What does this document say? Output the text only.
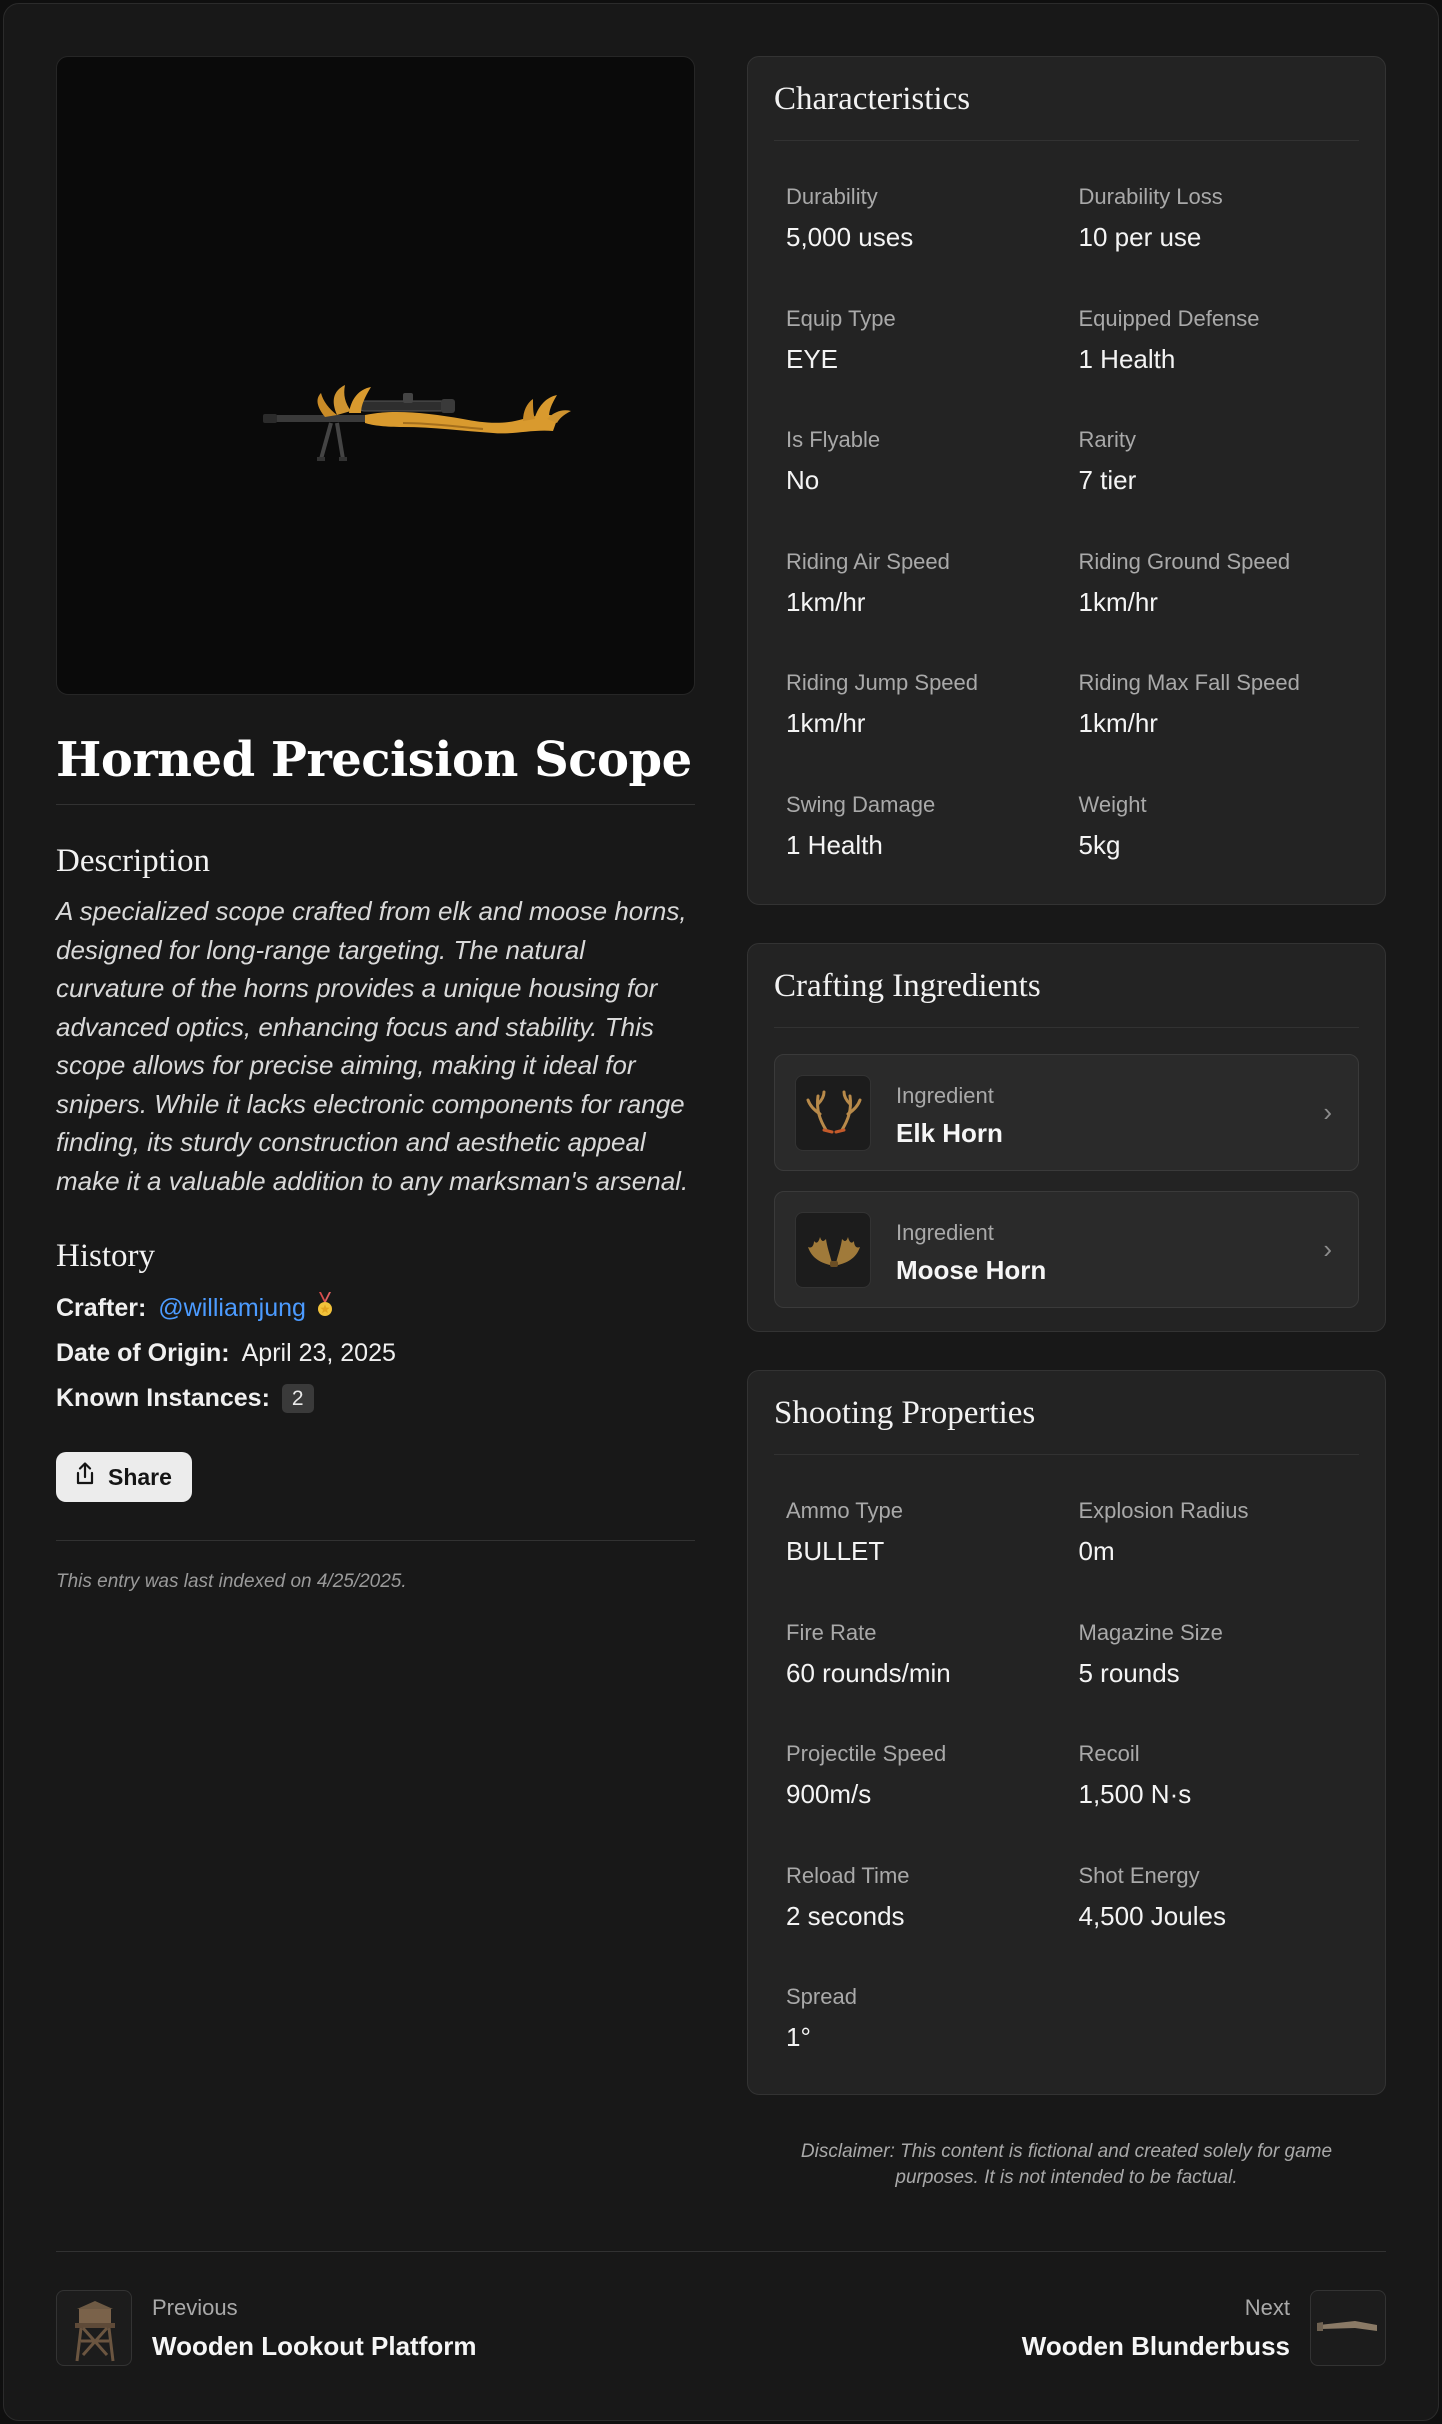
Horned Precision Scope
Description

A specialized scope crafted from elk and moose horns, designed for long-range targeting. The natural curvature of the horns provides a unique housing for advanced optics, enhancing focus and stability. This scope allows for precise aiming, making it ideal for snipers. While it lacks electronic components for range finding, its sturdy construction and aesthetic appeal make it a valuable addition to any marksman's arsenal.

History
Crafter: @williamjung
Date of Origin: April 23, 2025
Known Instances:	2
Share

This entry was last indexed on 4/25/2025.

Characteristics
Durability
5,000 uses
Durability Loss
10 per use
Equip Type
EYE
Equipped Defense
1 Health
Is Flyable
No
Rarity
7 tier
Riding Air Speed
1km/hr
Riding Ground Speed
1km/hr
Riding Jump Speed
1km/hr
Riding Max Fall Speed
1km/hr
Swing Damage
1 Health
Weight
5kg
Crafting Ingredients
Ingredient
Elk Horn
›
Ingredient
Moose Horn
›
Shooting Properties
Ammo Type
BULLET
Explosion Radius
0m
Fire Rate
60 rounds/min
Magazine Size
5 rounds
Projectile Speed
900m/s
Recoil
1,500 N·s
Reload Time
2 seconds
Shot Energy
4,500 Joules
Spread
1°

Disclaimer: This content is fictional and created solely for game purposes. It is not intended to be factual.

Previous
Wooden Lookout Platform
Next
Wooden Blunderbuss
